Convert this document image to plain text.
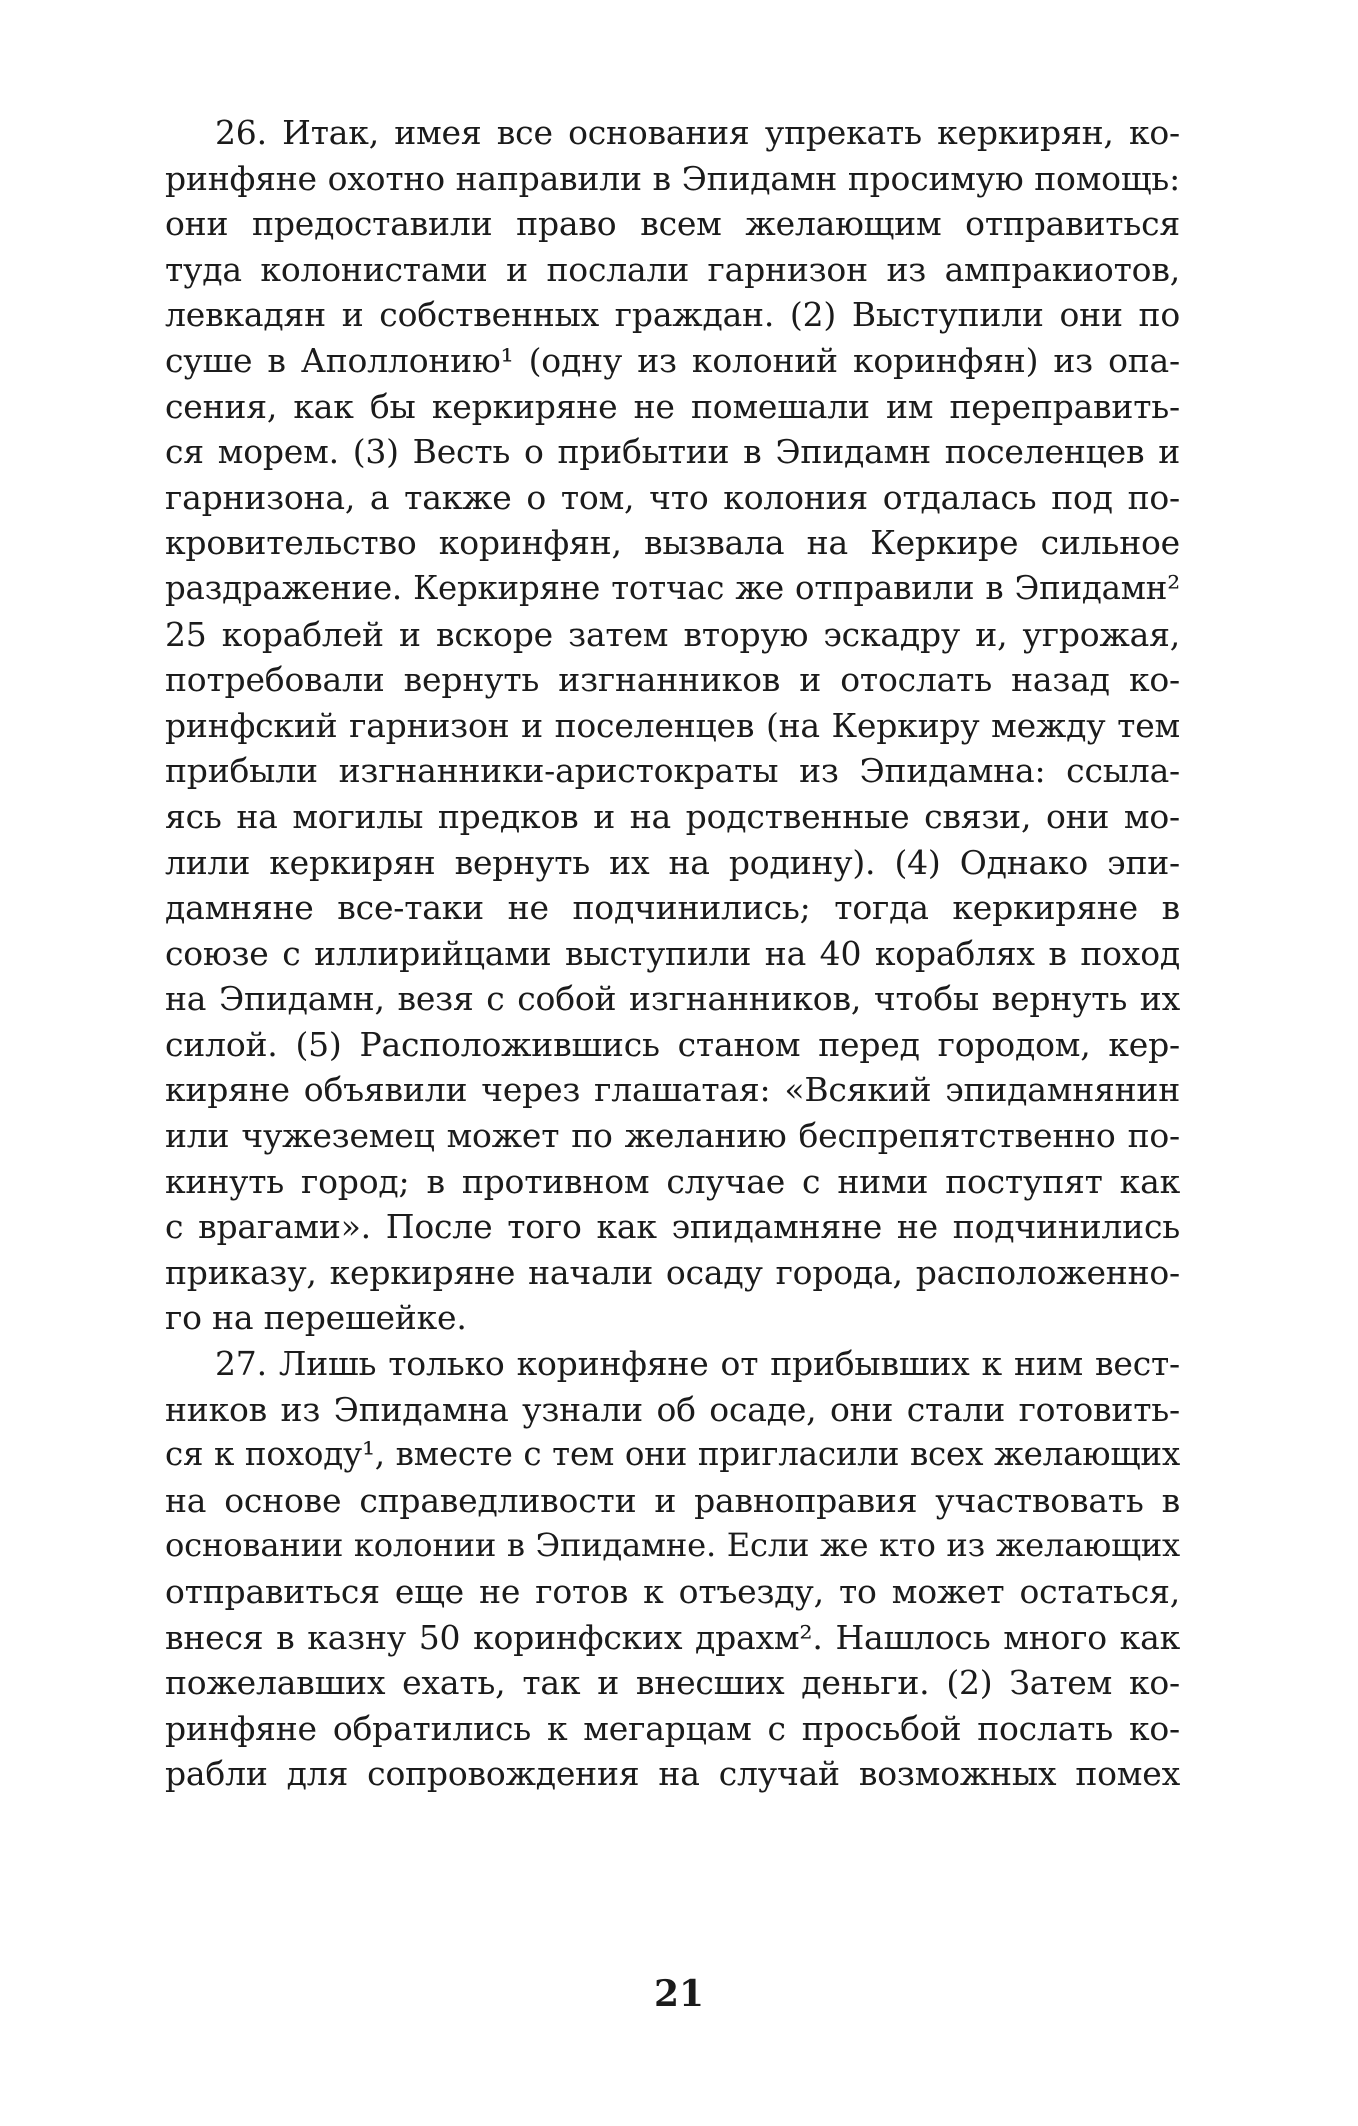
26. Итак, имея все основания упрекать керкирян, ко-
ринфяне охотно направили в Эпидамн просимую помощь:
они предоставили право всем желающим отправиться
туда колонистами и послали гарнизон из ампракиотов,
левкадян и собственных граждан. (2) Выступили они по
суше в Аполлонию¹ (одну из колоний коринфян) из опа-
сения, как бы керкиряне не помешали им переправить-
ся морем. (3) Весть о прибытии в Эпидамн поселенцев и
гарнизона, а также о том, что колония отдалась под по-
кровительство коринфян, вызвала на Керкире сильное
раздражение. Керкиряне тотчас же отправили в Эпидамн²
25 кораблей и вскоре затем вторую эскадру и, угрожая,
потребовали вернуть изгнанников и отослать назад ко-
ринфский гарнизон и поселенцев (на Керкиру между тем
прибыли изгнанники-аристократы из Эпидамна: ссыла-
ясь на могилы предков и на родственные связи, они мо-
лили керкирян вернуть их на родину). (4) Однако эпи-
дамняне все-таки не подчинились; тогда керкиряне в
союзе с иллирийцами выступили на 40 кораблях в поход
на Эпидамн, везя с собой изгнанников, чтобы вернуть их
силой. (5) Расположившись станом перед городом, кер-
киряне объявили через глашатая: «Всякий эпидамнянин
или чужеземец может по желанию беспрепятственно по-
кинуть город; в противном случае с ними поступят как
с врагами». После того как эпидамняне не подчинились
приказу, керкиряне начали осаду города, расположенно-
го на перешейке.
27. Лишь только коринфяне от прибывших к ним вест-
ников из Эпидамна узнали об осаде, они стали готовить-
ся к походу¹, вместе с тем они пригласили всех желающих
на основе справедливости и равноправия участвовать в
основании колонии в Эпидамне. Если же кто из желающих
отправиться еще не готов к отъезду, то может остаться,
внеся в казну 50 коринфских драхм². Нашлось много как
пожелавших ехать, так и внесших деньги. (2) Затем ко-
ринфяне обратились к мегарцам с просьбой послать ко-
рабли для сопровождения на случай возможных помех
21
